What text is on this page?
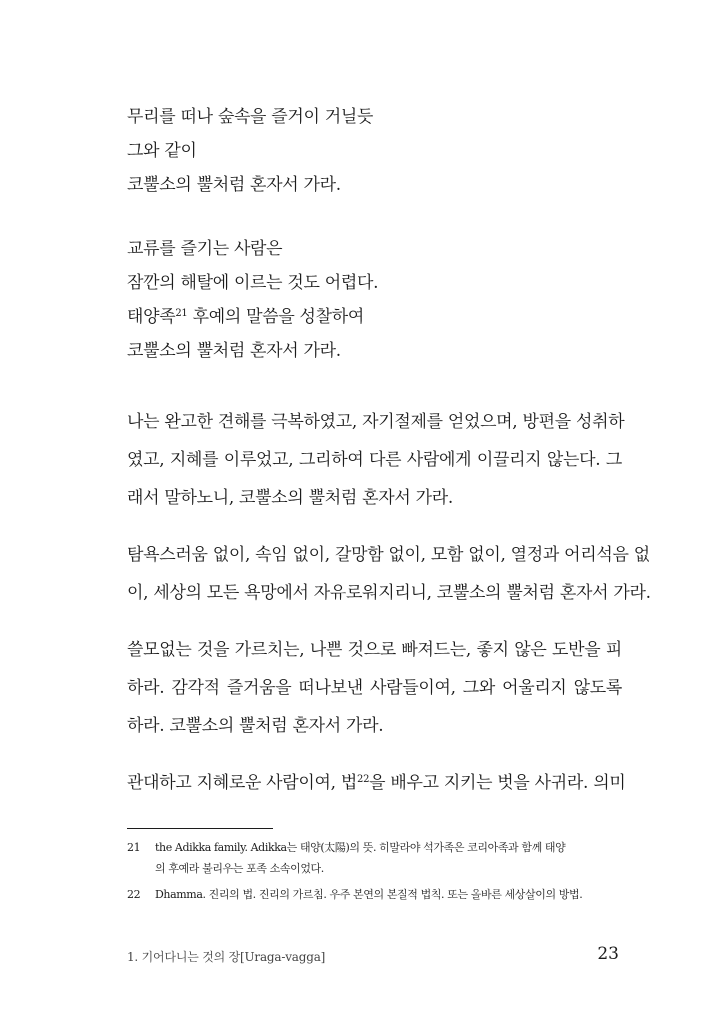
무리를 떠나 숲속을 즐거이 거닐듯
그와 같이
코뿔소의 뿔처럼 혼자서 가라.
교류를 즐기는 사람은
잠깐의 해탈에 이르는 것도 어렵다.
태양족$^{21}$ 후예의 말씀을 성찰하여
코뿔소의 뿔처럼 혼자서 가라.
나는 완고한 견해를 극복하였고, 자기절제를 얻었으며, 방편을 성취하
였고, 지혜를 이루었고, 그리하여 다른 사람에게 이끌리지 않는다. 그
래서 말하노니, 코뿔소의 뿔처럼 혼자서 가라.
탐욕스러움 없이, 속임 없이, 갈망함 없이, 모함 없이, 열정과 어리석음 없
이, 세상의 모든 욕망에서 자유로워지리니, 코뿔소의 뿔처럼 혼자서 가라.
쓸모없는 것을 가르치는, 나쁜 것으로 빠져드는, 좋지 않은 도반을 피
하라. 감각적 즐거움을 떠나보낸 사람들이여, 그와 어울리지 않도록
하라. 코뿔소의 뿔처럼 혼자서 가라.
관대하고 지혜로운 사람이여, 법$^{22}$을 배우고 지키는 벗을 사귀라. 의미
21 the Adikka family. Adikka는 태양(太陽)의 뜻. 히말라야 석가족은 코리아족과 함께 태양
의 후예라 불리우는 포족 소속이었다.
22 Dhamma. 진리의 법. 진리의 가르침. 우주 본연의 본질적 법칙. 또는 올바른 세상살이의 방법.
1. 기어다니는 것의 장[Uraga-vagga]	23
